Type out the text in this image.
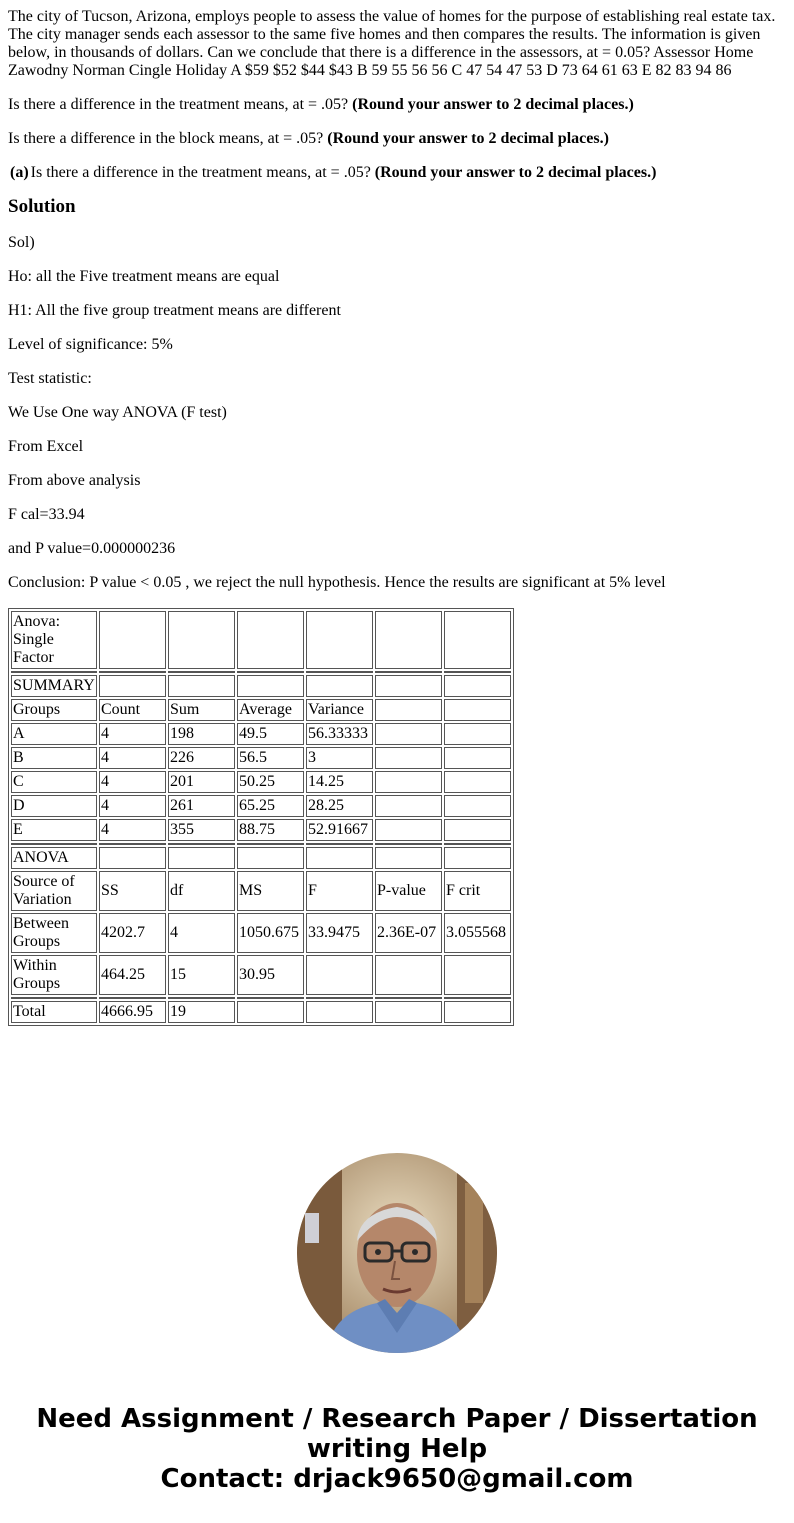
The city of Tucson, Arizona, employs people to assess the value of homes for the purpose of establishing real estate tax. The city manager sends each assessor to the same five homes and then compares the results. The information is given below, in thousands of dollars. Can we conclude that there is a difference in the assessors, at = 0.05? Assessor Home Zawodny Norman Cingle Holiday A $59 $52 $44 $43 B 59 55 56 56 C 47 54 47 53 D 73 64 61 63 E 82 83 94 86

Is there a difference in the treatment means, at = .05? (Round your answer to 2 decimal places.)

Is there a difference in the block means, at = .05? (Round your answer to 2 decimal places.)

(a) Is there a difference in the treatment means, at = .05? (Round your answer to 2 decimal places.)
Solution

Sol)

Ho: all the Five treatment means are equal

H1: All the five group treatment means are different

Level of significance: 5%

Test statistic:

We Use One way ANOVA (F test)

From Excel

From above analysis

F cal=33.94

and P value=0.000000236

Conclusion: P value < 0.05 , we reject the null hypothesis. Hence the results are significant at 5% level

Anova: Single Factor						

SUMMARY						
Groups	Count	Sum	Average	Variance		
A	4	198	49.5	56.33333		
B	4	226	56.5	3		
C	4	201	50.25	14.25		
D	4	261	65.25	28.25		
E	4	355	88.75	52.91667		

ANOVA						
Source of Variation	SS	df	MS	F	P-value	F crit
Between Groups	4202.7	4	1050.675	33.9475	2.36E-07	3.055568
Within Groups	464.25	15	30.95			

Total	4666.95	19				
Need Assignment / Research Paper / Dissertation
writing Help
Contact: drjack9650@gmail.com
